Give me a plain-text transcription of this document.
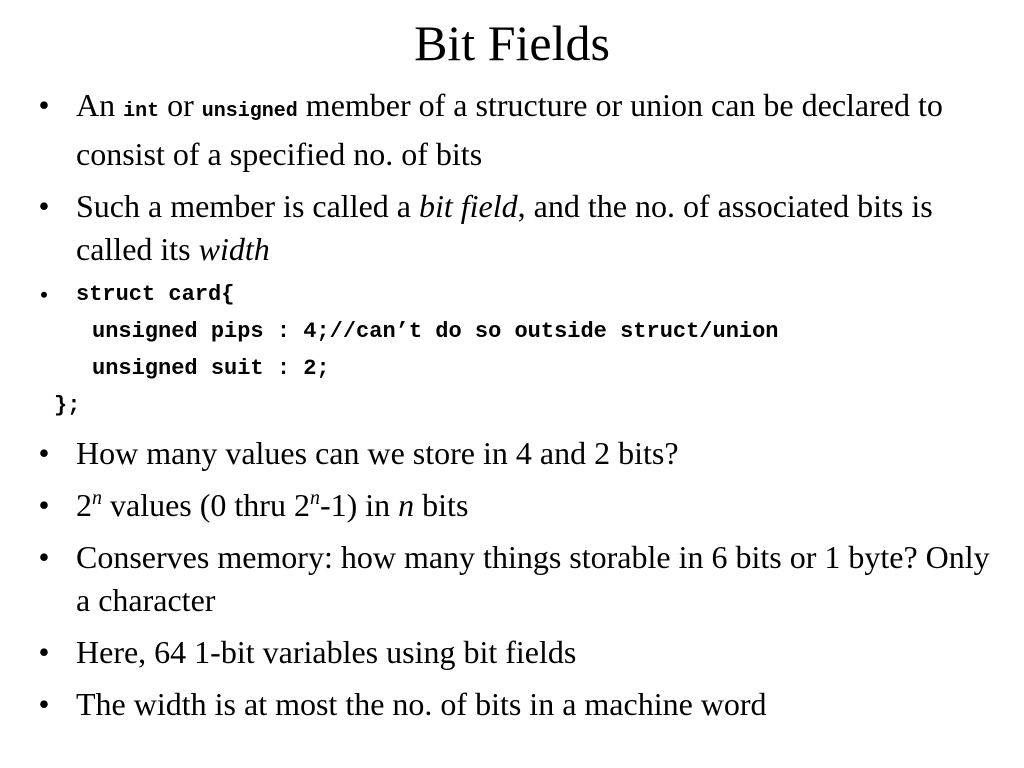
Bit Fields
• An int or unsigned member of a structure or union can be declared to consist of a specified no. of bits
• Such a member is called a bit field, and the no. of associated bits is called its width
• struct card{
unsigned pips : 4;//can’t do so outside struct/union
unsigned suit : 2;
};
• How many values can we store in 4 and 2 bits?
• 2$^n$ values (0 thru 2$^n$-1) in n bits
• Conserves memory: how many things storable in 6 bits or 1 byte? Only a character
• Here, 64 1-bit variables using bit fields
• The width is at most the no. of bits in a machine word
